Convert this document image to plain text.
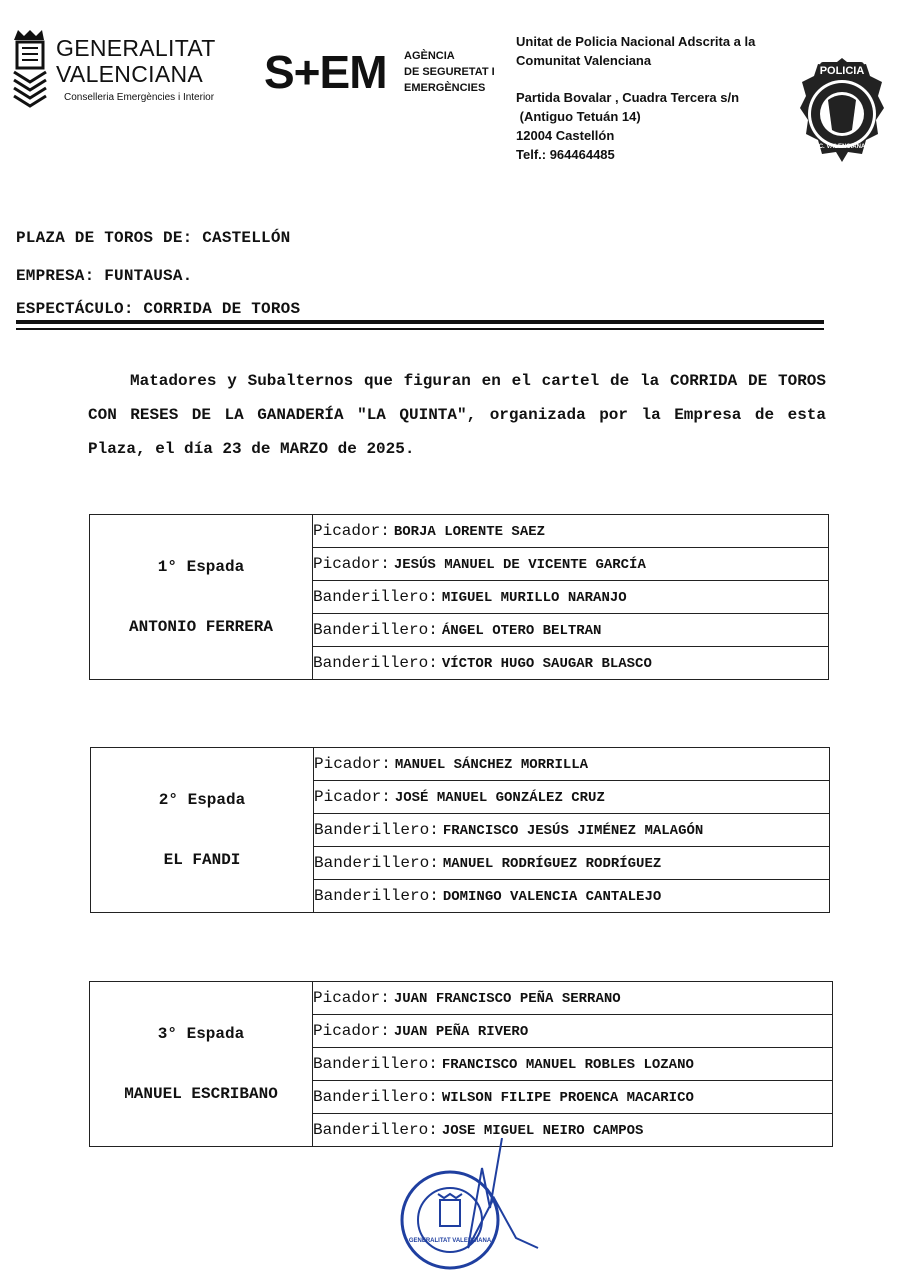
GENERALITAT
VALENCIANA
Conselleria Emergències i Interior S+EM AGÈNCIA
DE SEGURETAT I
EMERGÈNCIES
Unitat de Policia Nacional Adscrita a la
Comunitat Valenciana
Partida Bovalar , Cuadra Tercera s/n
(Antiguo Tetuán 14)
12004 Castellón
Telf.: 964464485
POLICIA
C. VALENCIANA
PLAZA DE TOROS DE: CASTELLÓN
EMPRESA: FUNTAUSA.
ESPECTÁCULO: CORRIDA DE TOROS
Matadores y Subalternos que figuran en el cartel de la CORRIDA DE TOROS CON RESES DE LA GANADERÍA "LA QUINTA", organizada por la Empresa de esta Plaza, el día 23 de MARZO de 2025.
1° Espada
ANTONIO FERRERA	Picador: BORJA LORENTE SAEZ
Picador: JESÚS MANUEL DE VICENTE GARCÍA
Banderillero: MIGUEL MURILLO NARANJO
Banderillero: ÁNGEL OTERO BELTRAN
Banderillero: VÍCTOR HUGO SAUGAR BLASCO
2° Espada
EL FANDI	Picador: MANUEL SÁNCHEZ MORRILLA
Picador: JOSÉ MANUEL GONZÁLEZ CRUZ
Banderillero: FRANCISCO JESÚS JIMÉNEZ MALAGÓN
Banderillero: MANUEL RODRÍGUEZ RODRÍGUEZ
Banderillero: DOMINGO VALENCIA CANTALEJO
3° Espada
MANUEL ESCRIBANO	Picador: JUAN FRANCISCO PEÑA SERRANO
Picador: JUAN PEÑA RIVERO
Banderillero: FRANCISCO MANUEL ROBLES LOZANO
Banderillero: WILSON FILIPE PROENCA MACARICO
Banderillero: JOSE MIGUEL NEIRO CAMPOS
GENERALITAT VALENCIANA
